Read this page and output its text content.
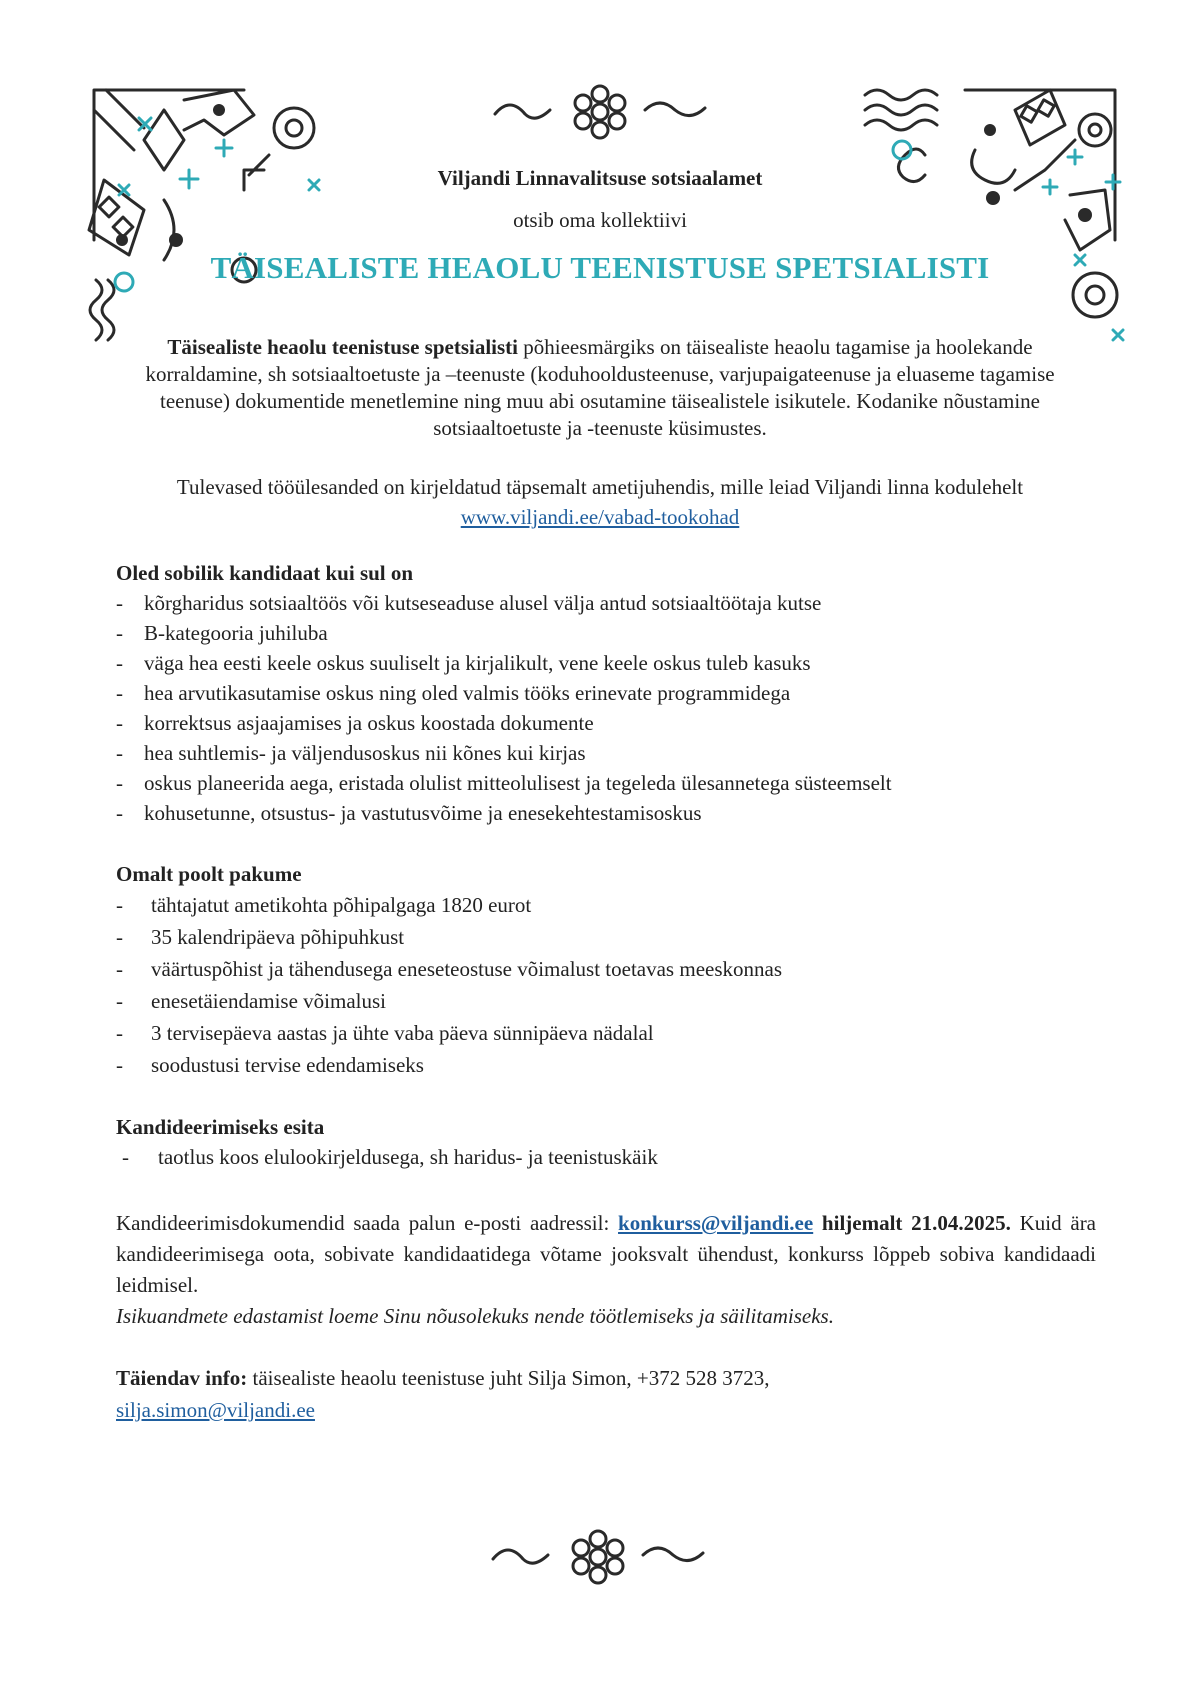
Viljandi Linnavalitsuse sotsiaalamet
otsib oma kollektiivi
TÄISEALISTE HEAOLU TEENISTUSE SPETSIALISTI
Täisealiste heaolu teenistuse spetsialisti põhieesmärgiks on täisealiste heaolu tagamise ja hoolekande korraldamine, sh sotsiaaltoetuste ja –teenuste (koduhooldusteenuse, varjupaigateenuse ja eluaseme tagamise teenuse) dokumentide menetlemine ning muu abi osutamine täisealistele isikutele. Kodanike nõustamine sotsiaaltoetuste ja -teenuste küsimustes.
Tulevased tööülesanded on kirjeldatud täpsemalt ametijuhendis, mille leiad Viljandi linna kodulehelt www.viljandi.ee/vabad-tookohad
Oled sobilik kandidaat kui sul on
- kõrgharidus sotsiaaltöös või kutseseaduse alusel välja antud sotsiaaltöötaja kutse
- B-kategooria juhiluba
- väga hea eesti keele oskus suuliselt ja kirjalikult, vene keele oskus tuleb kasuks
- hea arvutikasutamise oskus ning oled valmis tööks erinevate programmidega
- korrektsus asjaajamises ja oskus koostada dokumente
- hea suhtlemis- ja väljendusoskus nii kõnes kui kirjas
- oskus planeerida aega, eristada olulist mitteolulisest ja tegeleda ülesannetega süsteemselt
- kohusetunne, otsustus- ja vastutusvõime ja enesekehtestamisoskus
Omalt poolt pakume
- tähtajatut ametikohta põhipalgaga 1820 eurot
- 35 kalendripäeva põhipuhkust
- väärtuspõhist ja tähendusega eneseteostuse võimalust toetavas meeskonnas
- enesetäiendamise võimalusi
- 3 tervisepäeva aastas ja ühte vaba päeva sünnipäeva nädalal
- soodustusi tervise edendamiseks
Kandideerimiseks esita
- taotlus koos elulookirjeldusega, sh haridus- ja teenistuskäik
Kandideerimisdokumendid saada palun e-posti aadressil: konkurss@viljandi.ee hiljemalt 21.04.2025. Kuid ära kandideerimisega oota, sobivate kandidaatidega võtame jooksvalt ühendust, konkurss lõppeb sobiva kandidaadi leidmisel.
Isikuandmete edastamist loeme Sinu nõusolekuks nende töötlemiseks ja säilitamiseks.
Täiendav info: täisealiste heaolu teenistuse juht Silja Simon, +372 528 3723,
silja.simon@viljandi.ee
